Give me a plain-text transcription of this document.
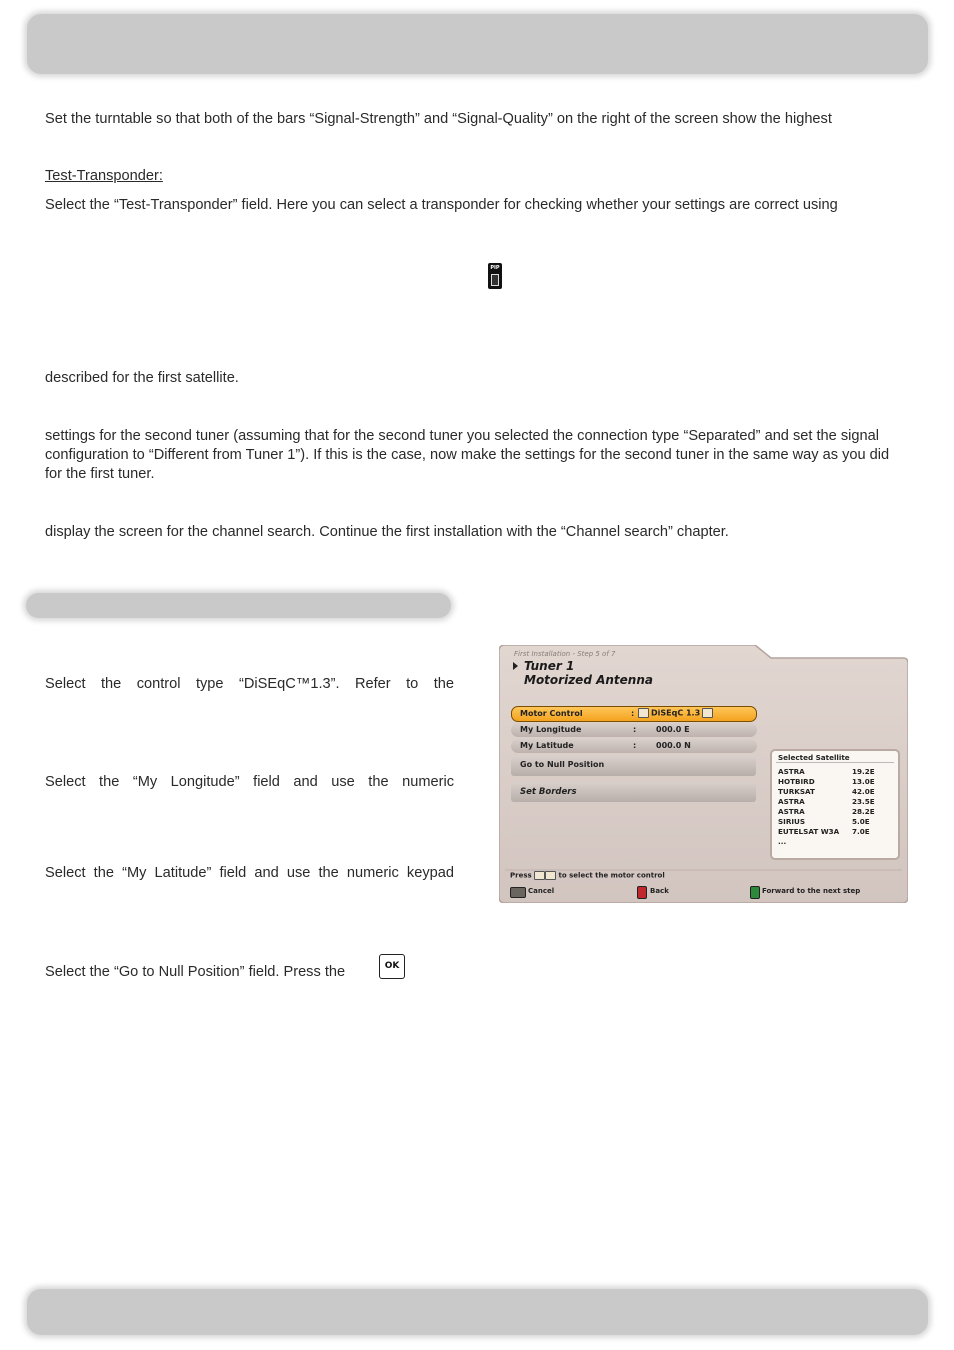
Set the turntable so that both of the bars “Signal-Strength” and “Signal-Quality” on the right of the screen show the highest

Test-Transponder:

Select the “Test-Transponder” field. Here you can select a transponder for checking whether your settings are correct using

PIP

described for the first satellite.

settings for the second tuner (assuming that for the second tuner you selected the connection type “Separated” and set the signal configuration to “Different from Tuner 1”). If this is the case, now make the settings for the second tuner in the same way as you did for the first tuner.

display the screen for the channel search. Continue the first installation with the “Channel search” chapter.

Select the control type “DiSEqC™1.3”. Refer to the

Select the “My Longitude” field and use the numeric

Select the “My Latitude” field and use the numeric keypad

Select the “Go to Null Position” field. Press the	OK
First Installation - Step 5 of 7
Tuner 1
Motorized Antenna
Motor Control	:	DiSEqC 1.3
My Longitude	: 000.0 E
My Latitude	: 000.0 N
Go to Null Position
Set Borders
Selected Satellite
ASTRA	19.2E
HOTBIRD	13.0E
TURKSAT	42.0E
ASTRA	23.5E
ASTRA	28.2E
SIRIUS	5.0E
EUTELSAT W3A 7.0E
...
Press	to select the motor control
Cancel	Back	Forward to the next step
